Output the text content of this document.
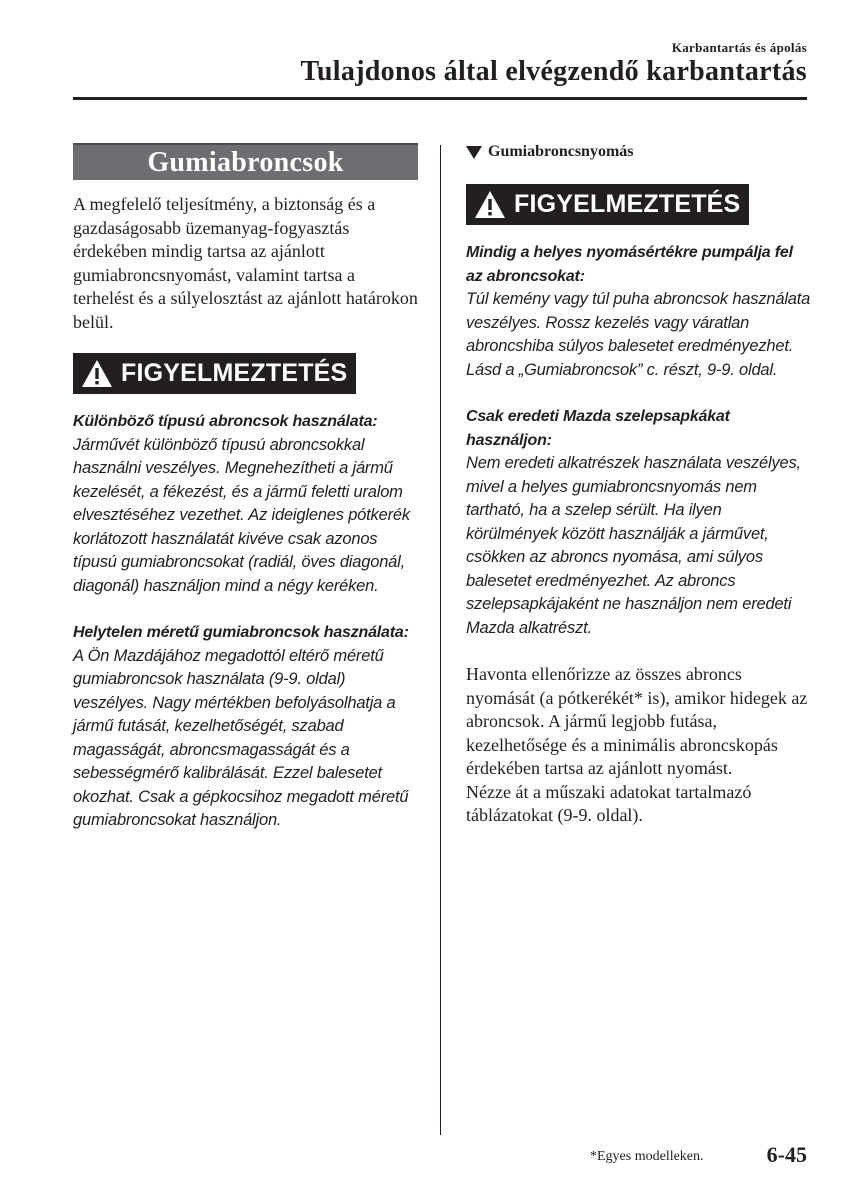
Karbantartás és ápolás
Tulajdonos által elvégzendő karbantartás
Gumiabroncsok

A megfelelő teljesítmény, a biztonság és a gazdaságosabb üzemanyag-fogyasztás érdekében mindig tartsa az ajánlott gumiabroncsnyomást, valamint tartsa a terhelést és a súlyelosztást az ajánlott határokon belül.

FIGYELMEZTETÉS

Különböző típusú abroncsok használata:

Járművét különböző típusú abroncsokkal használni veszélyes. Megnehezítheti a jármű kezelését, a fékezést, és a jármű feletti uralom elvesztéséhez vezethet. Az ideiglenes pótkerék korlátozott használatát kivéve csak azonos típusú gumiabroncsokat (radiál, öves diagonál, diagonál) használjon mind a négy keréken.

Helytelen méretű gumiabroncsok használata:

A Ön Mazdájához megadottól eltérő méretű gumiabroncsok használata (9-9. oldal) veszélyes. Nagy mértékben befolyásolhatja a jármű futását, kezelhetőségét, szabad magasságát, abroncsmagasságát és a sebességmérő kalibrálását. Ezzel balesetet okozhat. Csak a gépkocsihoz megadott méretű gumiabroncsokat használjon.

Gumiabroncsnyomás
FIGYELMEZTETÉS

Mindig a helyes nyomásértékre pumpálja fel az abroncsokat:

Túl kemény vagy túl puha abroncsok használata veszélyes. Rossz kezelés vagy váratlan abroncshiba súlyos balesetet eredményezhet.

Lásd a „Gumiabroncsok” c. részt, 9-9. oldal.

Csak eredeti Mazda szelepsapkákat használjon:

Nem eredeti alkatrészek használata veszélyes, mivel a helyes gumiabroncsnyomás nem tartható, ha a szelep sérült. Ha ilyen körülmények között használják a járművet, csökken az abroncs nyomása, ami súlyos balesetet eredményezhet. Az abroncs szelepsapkájaként ne használjon nem eredeti Mazda alkatrészt.

Havonta ellenőrizze az összes abroncs nyomását (a pótkerékét* is), amikor hidegek az abroncsok. A jármű legjobb futása, kezelhetősége és a minimális abroncskopás érdekében tartsa az ajánlott nyomást.

Nézze át a műszaki adatokat tartalmazó táblázatokat (9-9. oldal).

*Egyes modelleken.	6-45
